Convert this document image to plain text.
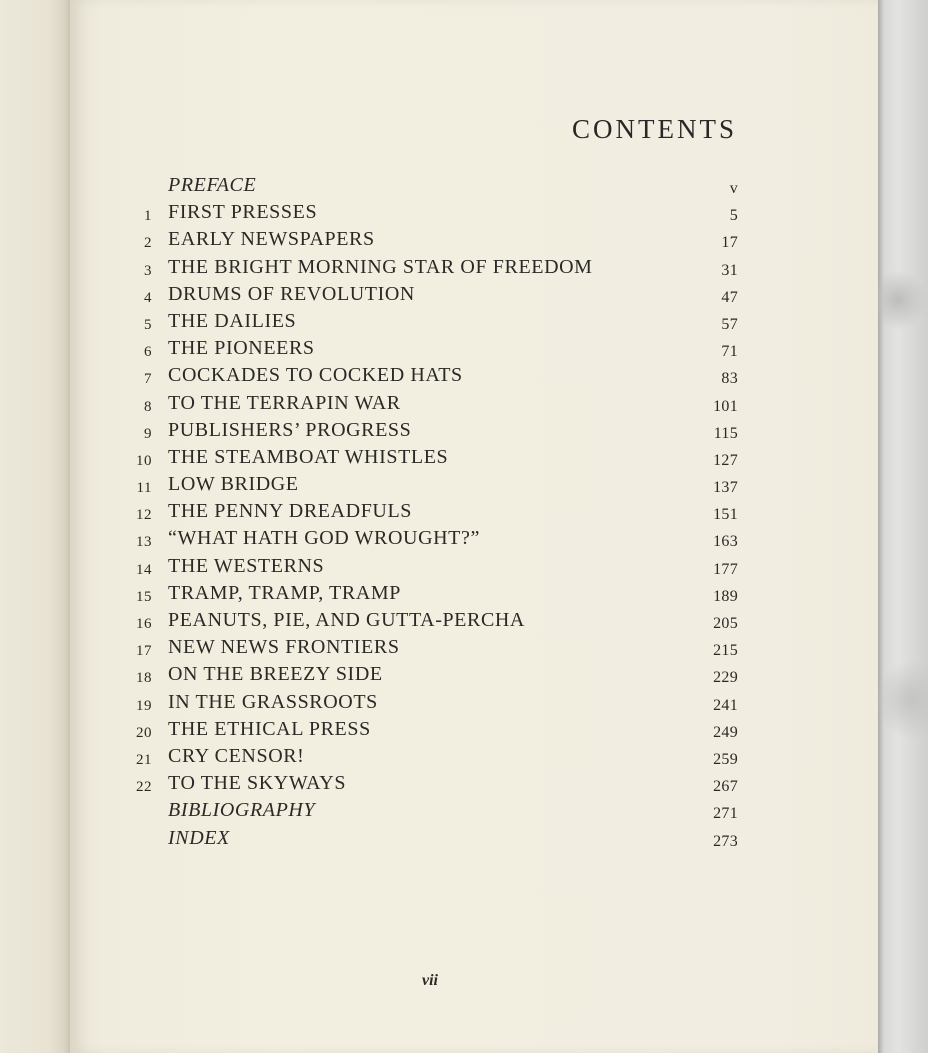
CONTENTS
PREFACE	v
1 FIRST PRESSES	5
2 EARLY NEWSPAPERS	17
3 THE BRIGHT MORNING STAR OF FREEDOM	31
4 DRUMS OF REVOLUTION	47
5 THE DAILIES	57
6 THE PIONEERS	71
7 COCKADES TO COCKED HATS	83
8 TO THE TERRAPIN WAR	101
9 PUBLISHERS’ PROGRESS	115
10 THE STEAMBOAT WHISTLES	127
11 LOW BRIDGE	137
12 THE PENNY DREADFULS	151
13 “WHAT HATH GOD WROUGHT?”	163
14 THE WESTERNS	177
15 TRAMP, TRAMP, TRAMP	189
16 PEANUTS, PIE, AND GUTTA-PERCHA	205
17 NEW NEWS FRONTIERS	215
18 ON THE BREEZY SIDE	229
19 IN THE GRASSROOTS	241
20 THE ETHICAL PRESS	249
21 CRY CENSOR!	259
22 TO THE SKYWAYS	267
BIBLIOGRAPHY	271
INDEX	273
vii
